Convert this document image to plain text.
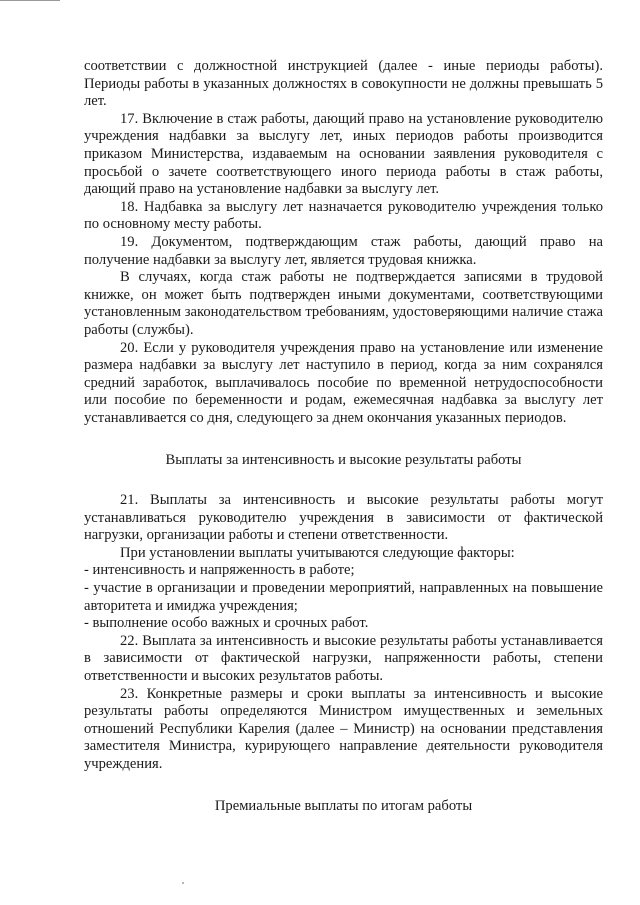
соответствии с должностной инструкцией (далее - иные периоды работы). Периоды работы в указанных должностях в совокупности не должны превышать 5 лет.

17. Включение в стаж работы, дающий право на установление руководителю учреждения надбавки за выслугу лет, иных периодов работы производится приказом Министерства, издаваемым на основании заявления руководителя с просьбой о зачете соответствующего иного периода работы в стаж работы, дающий право на установление надбавки за выслугу лет.

18. Надбавка за выслугу лет назначается руководителю учреждения только по основному месту работы.

19. Документом, подтверждающим стаж работы, дающий право на получение надбавки за выслугу лет, является трудовая книжка.

В случаях, когда стаж работы не подтверждается записями в трудовой книжке, он может быть подтвержден иными документами, соответствующими установленным законодательством требованиям, удостоверяющими наличие стажа работы (службы).

20. Если у руководителя учреждения право на установление или изменение размера надбавки за выслугу лет наступило в период, когда за ним сохранялся средний заработок, выплачивалось пособие по временной нетрудоспособности или пособие по беременности и родам, ежемесячная надбавка за выслугу лет устанавливается со дня, следующего за днем окончания указанных периодов.

Выплаты за интенсивность и высокие результаты работы

21. Выплаты за интенсивность и высокие результаты работы могут устанавливаться руководителю учреждения в зависимости от фактической нагрузки, организации работы и степени ответственности.

При установлении выплаты учитываются следующие факторы:

- интенсивность и напряженность в работе;

- участие в организации и проведении мероприятий, направленных на повышение авторитета и имиджа учреждения;

- выполнение особо важных и срочных работ.

22. Выплата за интенсивность и высокие результаты работы устанавливается в зависимости от фактической нагрузки, напряженности работы, степени ответственности и высоких результатов работы.

23. Конкретные размеры и сроки выплаты за интенсивность и высокие результаты работы определяются Министром имущественных и земельных отношений Республики Карелия (далее – Министр) на основании представления заместителя Министра, курирующего направление деятельности руководителя учреждения.

Премиальные выплаты по итогам работы
